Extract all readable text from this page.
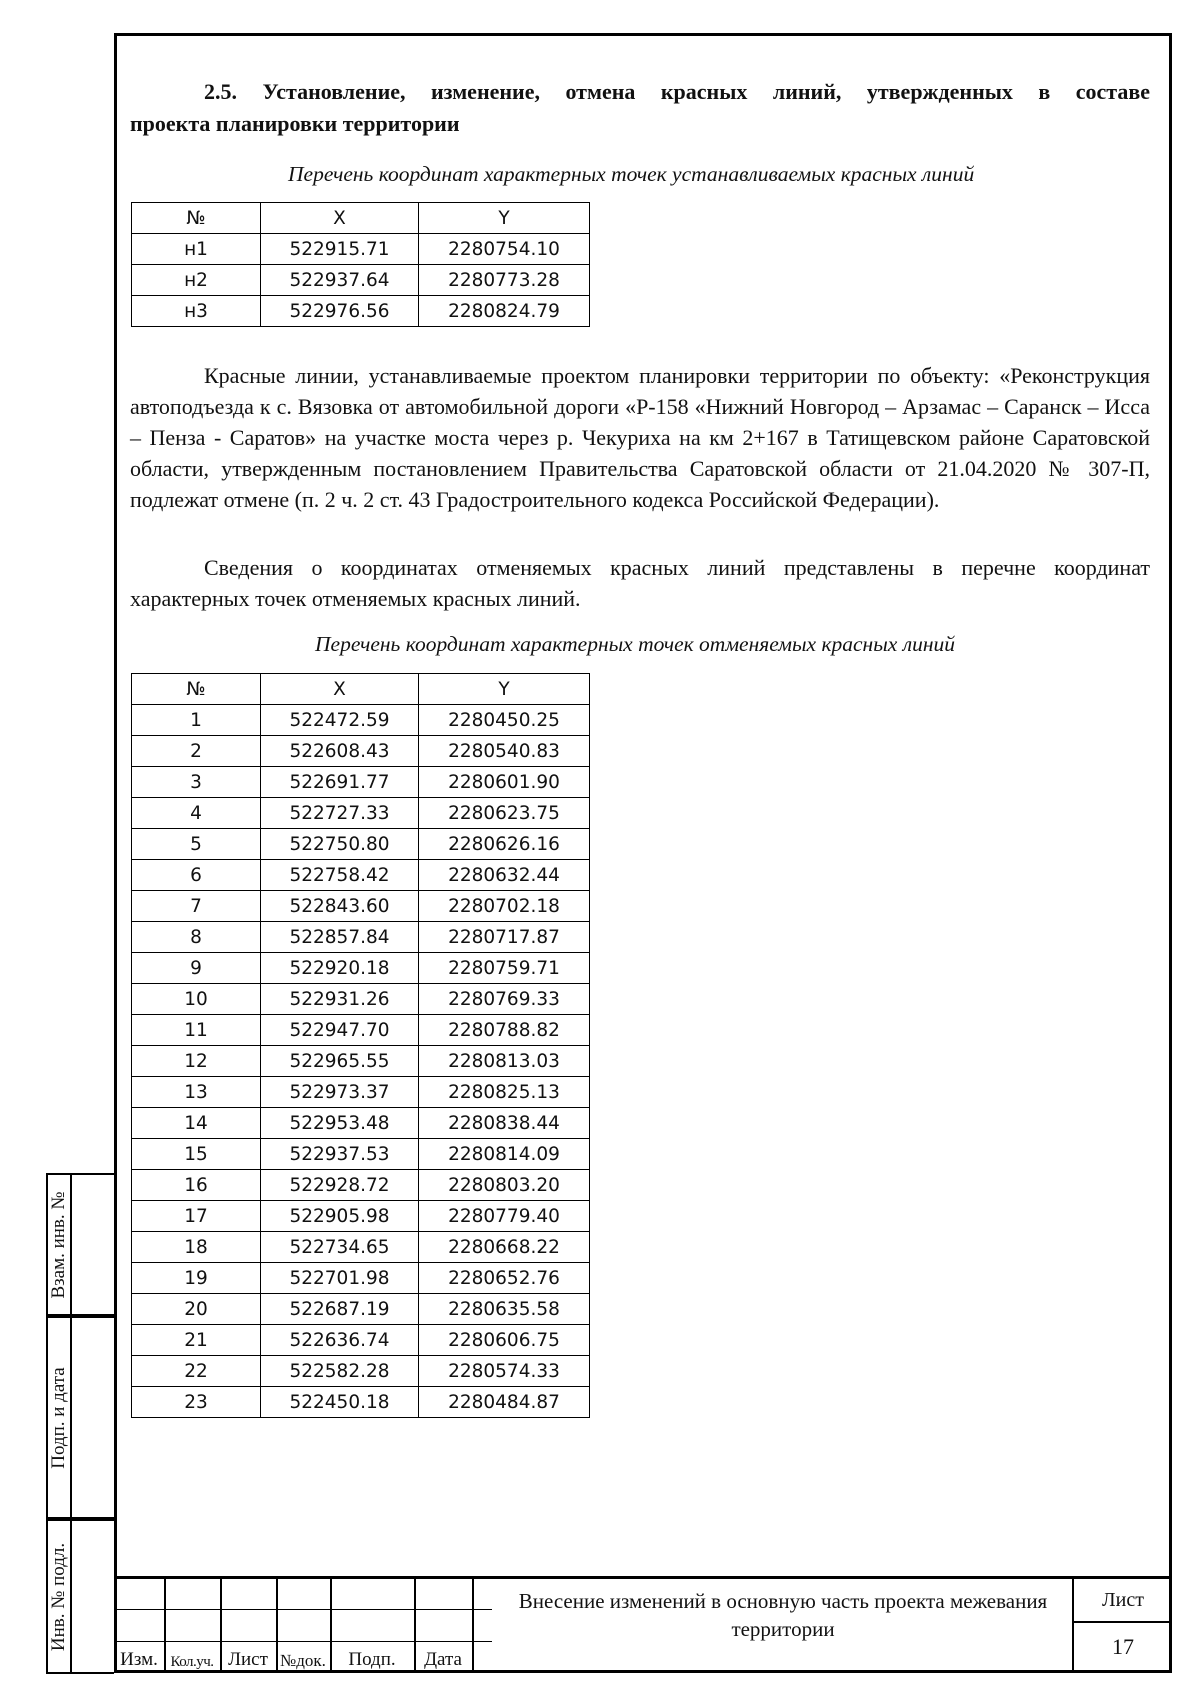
2.5. Установление, изменение, отмена красных линий, утвержденных в составе
проекта планировки территории
Перечень координат характерных точек устанавливаемых красных линий
№	X	Y
н1	522915.71	2280754.10
н2	522937.64	2280773.28
н3	522976.56	2280824.79
Красные линии, устанавливаемые проектом планировки территории по объекту: «Реконструкция автоподъезда к с. Вязовка от автомобильной дороги «Р-158 «Нижний Новгород – Арзамас – Саранск – Исса – Пенза - Саратов» на участке моста через р. Чекуриха на км 2+167 в Татищевском районе Саратовской области, утвержденным постановлением Правительства Саратовской области от 21.04.2020 № 307-П, подлежат отмене (п. 2 ч. 2 ст. 43 Градостроительного кодекса Российской Федерации).
Сведения о координатах отменяемых красных линий представлены в перечне координат характерных точек отменяемых красных линий.
Перечень координат характерных точек отменяемых красных линий
№	X	Y
1	522472.59	2280450.25
2	522608.43	2280540.83
3	522691.77	2280601.90
4	522727.33	2280623.75
5	522750.80	2280626.16
6	522758.42	2280632.44
7	522843.60	2280702.18
8	522857.84	2280717.87
9	522920.18	2280759.71
10	522931.26	2280769.33
11	522947.70	2280788.82
12	522965.55	2280813.03
13	522973.37	2280825.13
14	522953.48	2280838.44
15	522937.53	2280814.09
16	522928.72	2280803.20
17	522905.98	2280779.40
18	522734.65	2280668.22
19	522701.98	2280652.76
20	522687.19	2280635.58
21	522636.74	2280606.75
22	522582.28	2280574.33
23	522450.18	2280484.87
Взам. инв. №
Подп. и дата
Инв. № подл.
Изм. Кол.уч. Лист №док.	Подп.	Дата
Внесение изменений в основную часть проекта межевания территории
Лист
17
